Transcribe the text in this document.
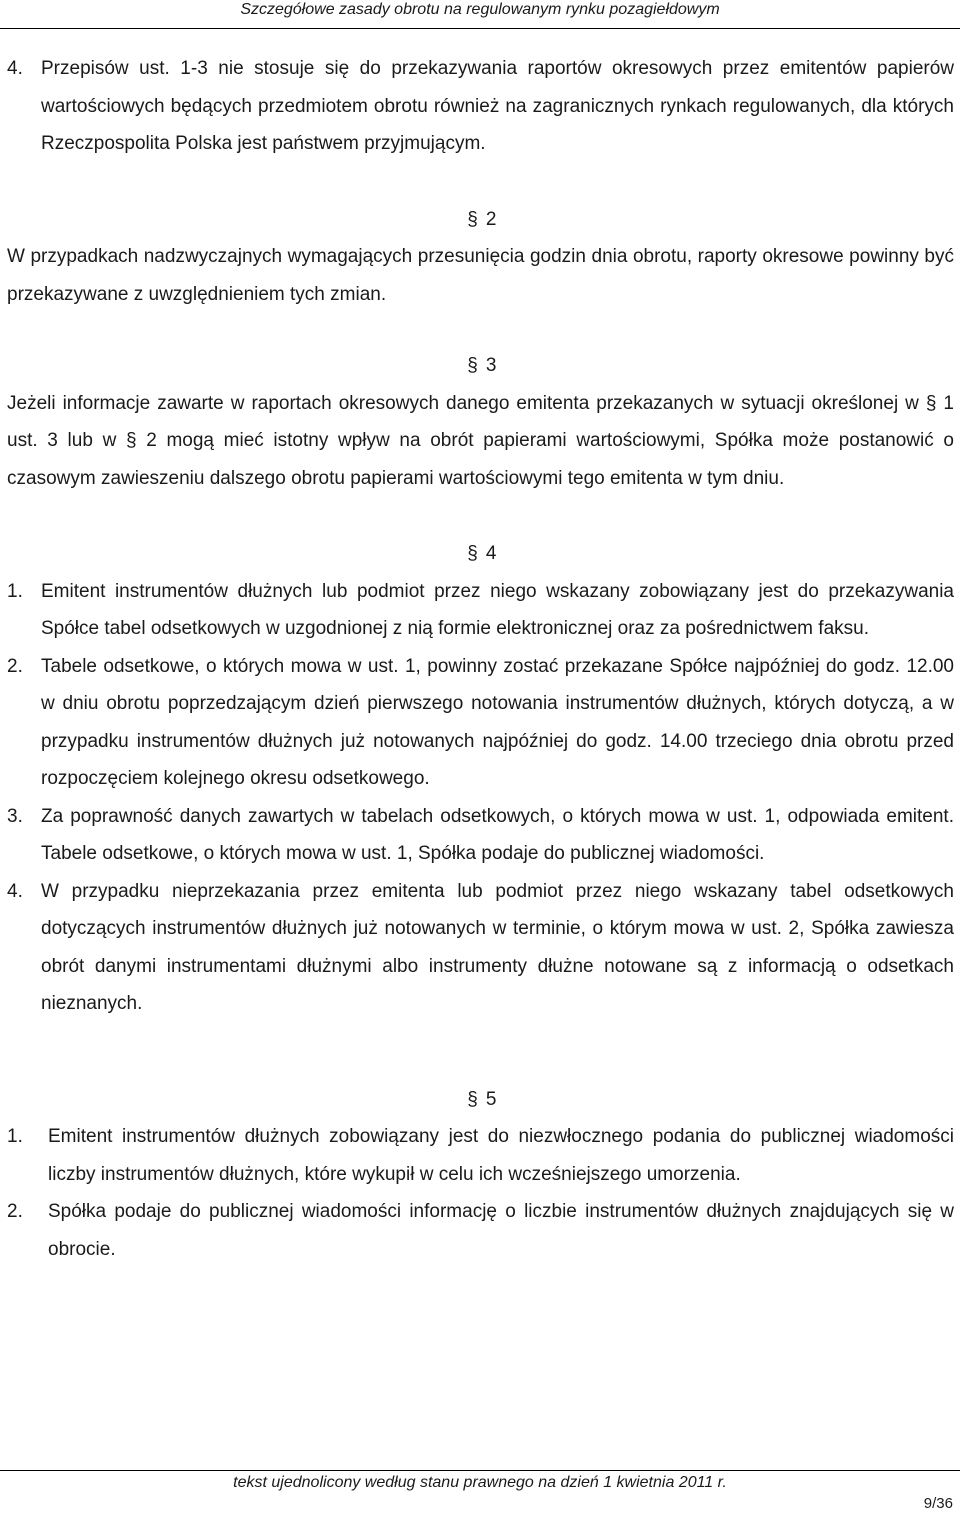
Szczegółowe zasady obrotu na regulowanym rynku pozagiełdowym
4. Przepisów ust. 1-3 nie stosuje się do przekazywania raportów okresowych przez emitentów papierów wartościowych będących przedmiotem obrotu również na zagranicznych rynkach regulowanych, dla których Rzeczpospolita Polska jest państwem przyjmującym.
§ 2

W przypadkach nadzwyczajnych wymagających przesunięcia godzin dnia obrotu, raporty okresowe powinny być przekazywane z uwzględnieniem tych zmian.

§ 3

Jeżeli informacje zawarte w raportach okresowych danego emitenta przekazanych w sytuacji określonej w § 1 ust. 3 lub w § 2 mogą mieć istotny wpływ na obrót papierami wartościowymi, Spółka może postanowić o czasowym zawieszeniu dalszego obrotu papierami wartościowymi tego emitenta w tym dniu.

§ 4
1. Emitent instrumentów dłużnych lub podmiot przez niego wskazany zobowiązany jest do przekazywania Spółce tabel odsetkowych w uzgodnionej z nią formie elektronicznej oraz za pośrednictwem faksu.
2. Tabele odsetkowe, o których mowa w ust. 1, powinny zostać przekazane Spółce najpóźniej do godz. 12.00 w dniu obrotu poprzedzającym dzień pierwszego notowania instrumentów dłużnych, których dotyczą, a w przypadku instrumentów dłużnych już notowanych najpóźniej do godz. 14.00 trzeciego dnia obrotu przed rozpoczęciem kolejnego okresu odsetkowego.
3. Za poprawność danych zawartych w tabelach odsetkowych, o których mowa w ust. 1, odpowiada emitent. Tabele odsetkowe, o których mowa w ust. 1, Spółka podaje do publicznej wiadomości.
4. W przypadku nieprzekazania przez emitenta lub podmiot przez niego wskazany tabel odsetkowych dotyczących instrumentów dłużnych już notowanych w terminie, o którym mowa w ust. 2, Spółka zawiesza obrót danymi instrumentami dłużnymi albo instrumenty dłużne notowane są z informacją o odsetkach nieznanych.
§ 5
1.	Emitent instrumentów dłużnych zobowiązany jest do niezwłocznego podania do publicznej wiadomości liczby instrumentów dłużnych, które wykupił w celu ich wcześniejszego umorzenia.
2.	Spółka podaje do publicznej wiadomości informację o liczbie instrumentów dłużnych znajdujących się w obrocie.
tekst ujednolicony według stanu prawnego na dzień 1 kwietnia 2011 r.
9/36
